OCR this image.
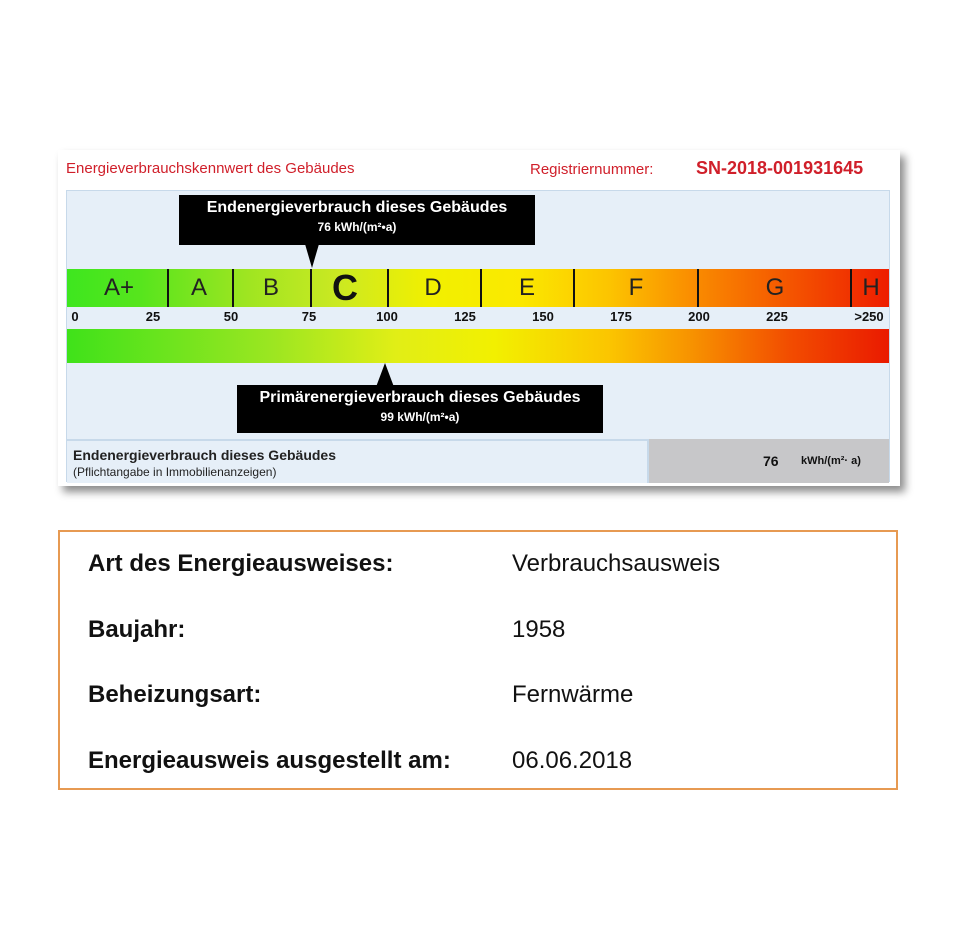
Energieverbrauchskennwert des Gebäudes	Registriernummer: SN-2018-001931645
Endenergieverbrauch dieses Gebäudes
76 kWh/(m²•a)
A+ A B C	D	E	F	G	H
0	25	50	75	100	125	150	175	200	225	>250
Primärenergieverbrauch dieses Gebäudes
99 kWh/(m²•a)
Endenergieverbrauch dieses Gebäudes
(Pflichtangabe in Immobilienanzeigen)
76 kWh/(m²· a)
Art des Energieausweises:	Verbrauchsausweis
Baujahr:	1958
Beheizungsart:	Fernwärme
Energieausweis ausgestellt am:	06.06.2018
